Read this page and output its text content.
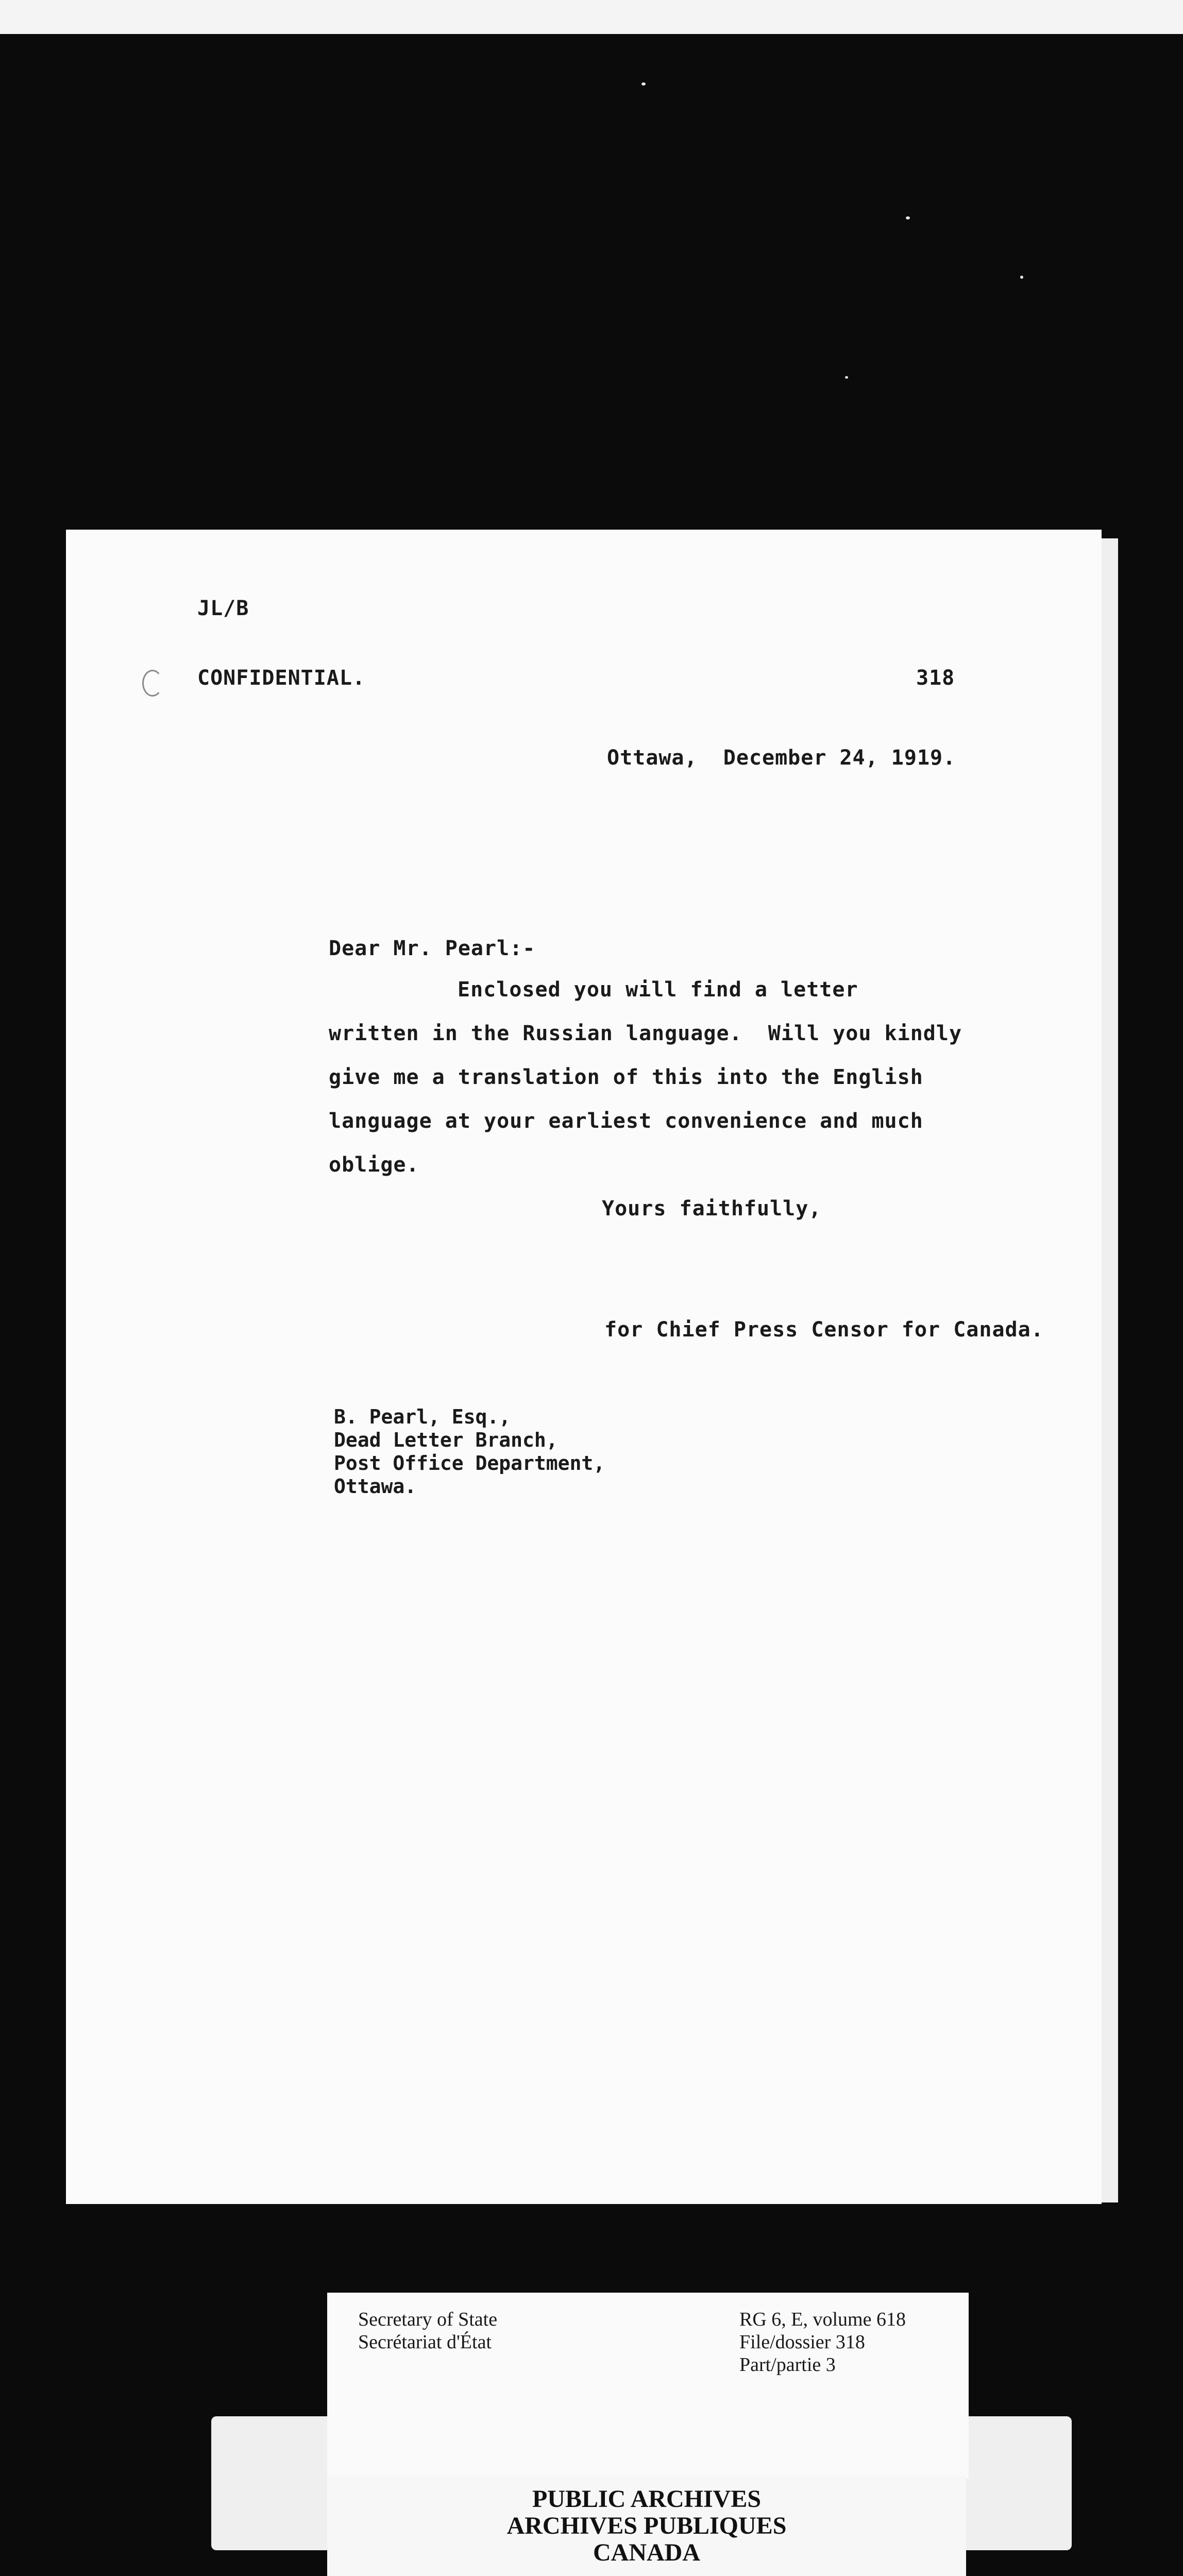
JL/B
CONFIDENTIAL.	318
Ottawa,  December 24, 1919.
Dear Mr. Pearl:-
Enclosed you will find a letter
written in the Russian language.  Will you kindly
give me a translation of this into the English
language at your earliest convenience and much
oblige.
Yours faithfully,
for Chief Press Censor for Canada.
B. Pearl, Esq.,
Dead Letter Branch,
Post Office Department,
Ottawa.
Secretary of State
Secrétariat d'État
RG 6, E, volume 618
File/dossier 318
Part/partie 3
PUBLIC ARCHIVES
ARCHIVES PUBLIQUES
CANADA
